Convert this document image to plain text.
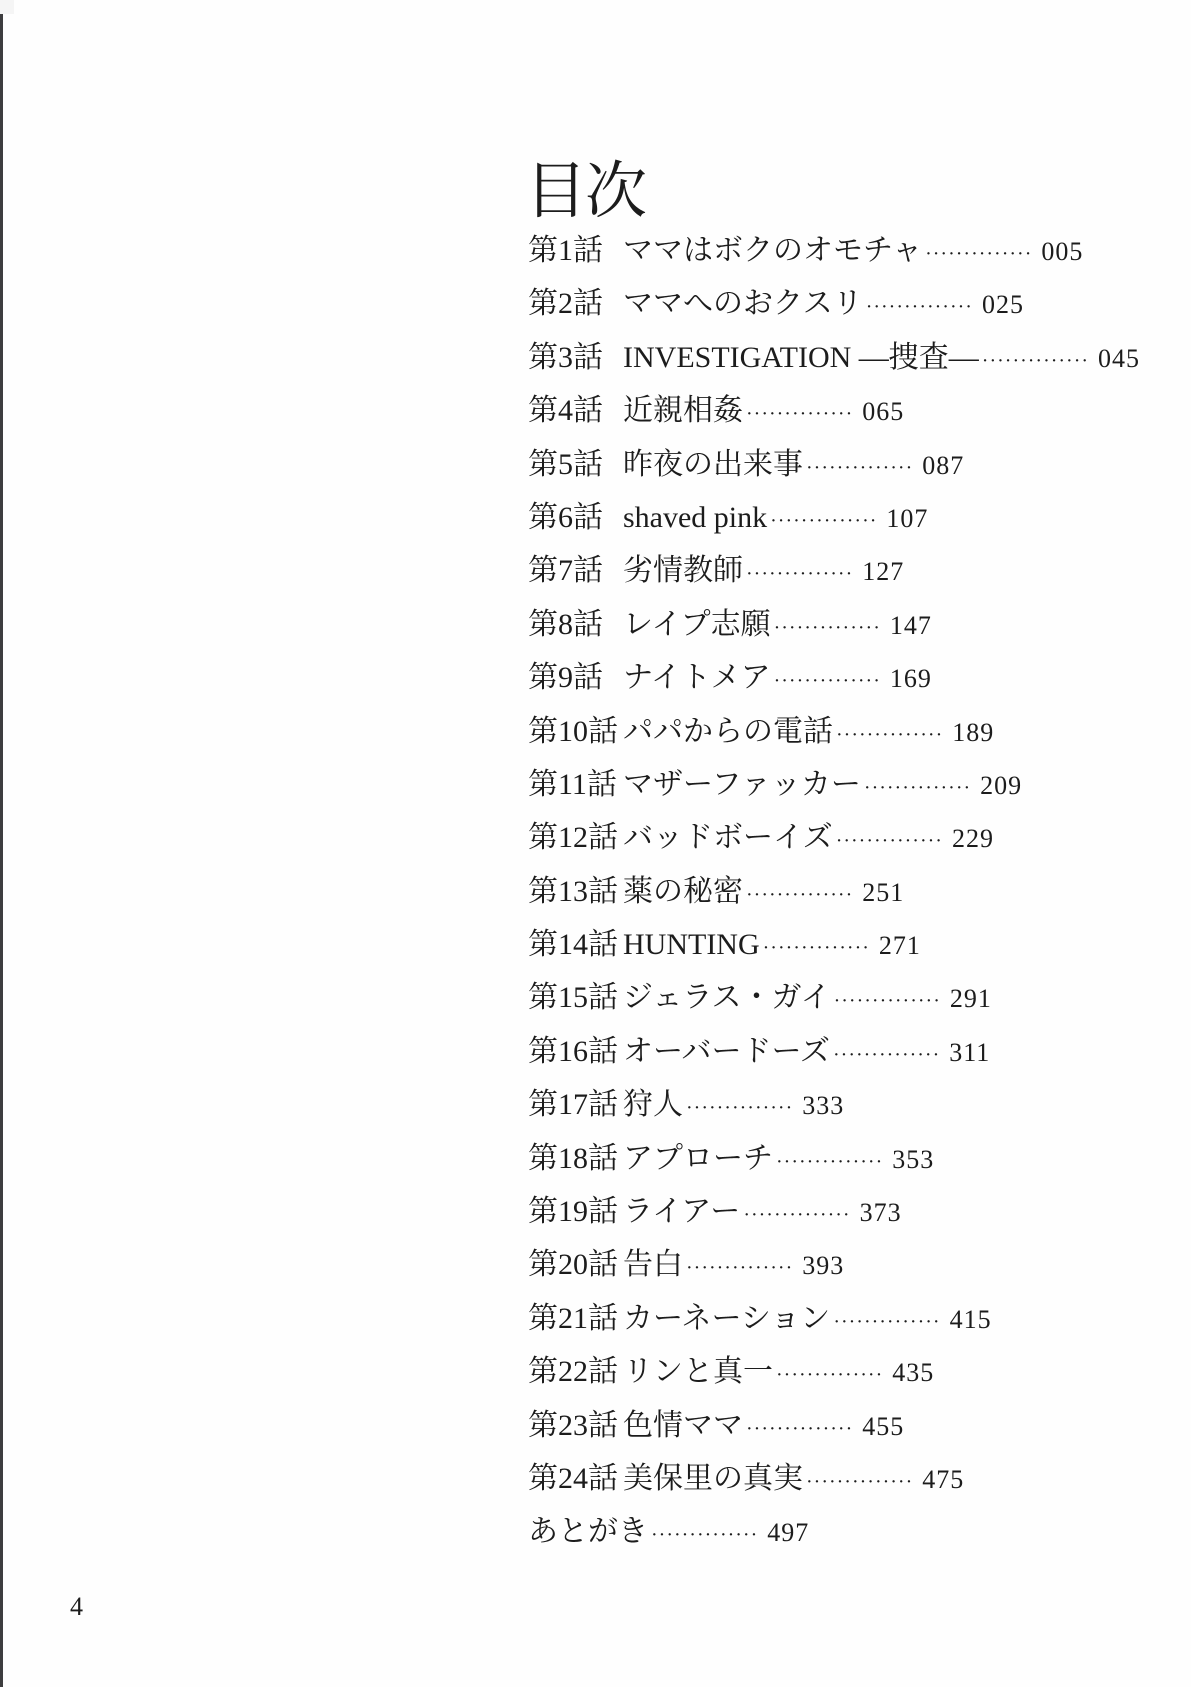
目次
第1話 ママはボクのオモチャ ·············· 005
第2話 ママへのおクスリ ·············· 025
第3話 INVESTIGATION —捜査— ·············· 045
第4話 近親相姦 ·············· 065
第5話 昨夜の出来事 ·············· 087
第6話 shaved pink ·············· 107
第7話 劣情教師 ·············· 127
第8話 レイプ志願 ·············· 147
第9話 ナイトメア ·············· 169
第10話 パパからの電話 ·············· 189
第11話 マザーファッカー ·············· 209
第12話 バッドボーイズ ·············· 229
第13話 薬の秘密 ·············· 251
第14話 HUNTING ·············· 271
第15話 ジェラス・ガイ ·············· 291
第16話 オーバードーズ ·············· 311
第17話 狩人 ·············· 333
第18話 アプローチ ·············· 353
第19話 ライアー ·············· 373
第20話 告白 ·············· 393
第21話 カーネーション ·············· 415
第22話 リンと真一 ·············· 435
第23話 色情ママ ·············· 455
第24話 美保里の真実 ·············· 475
あとがき ·············· 497
4
